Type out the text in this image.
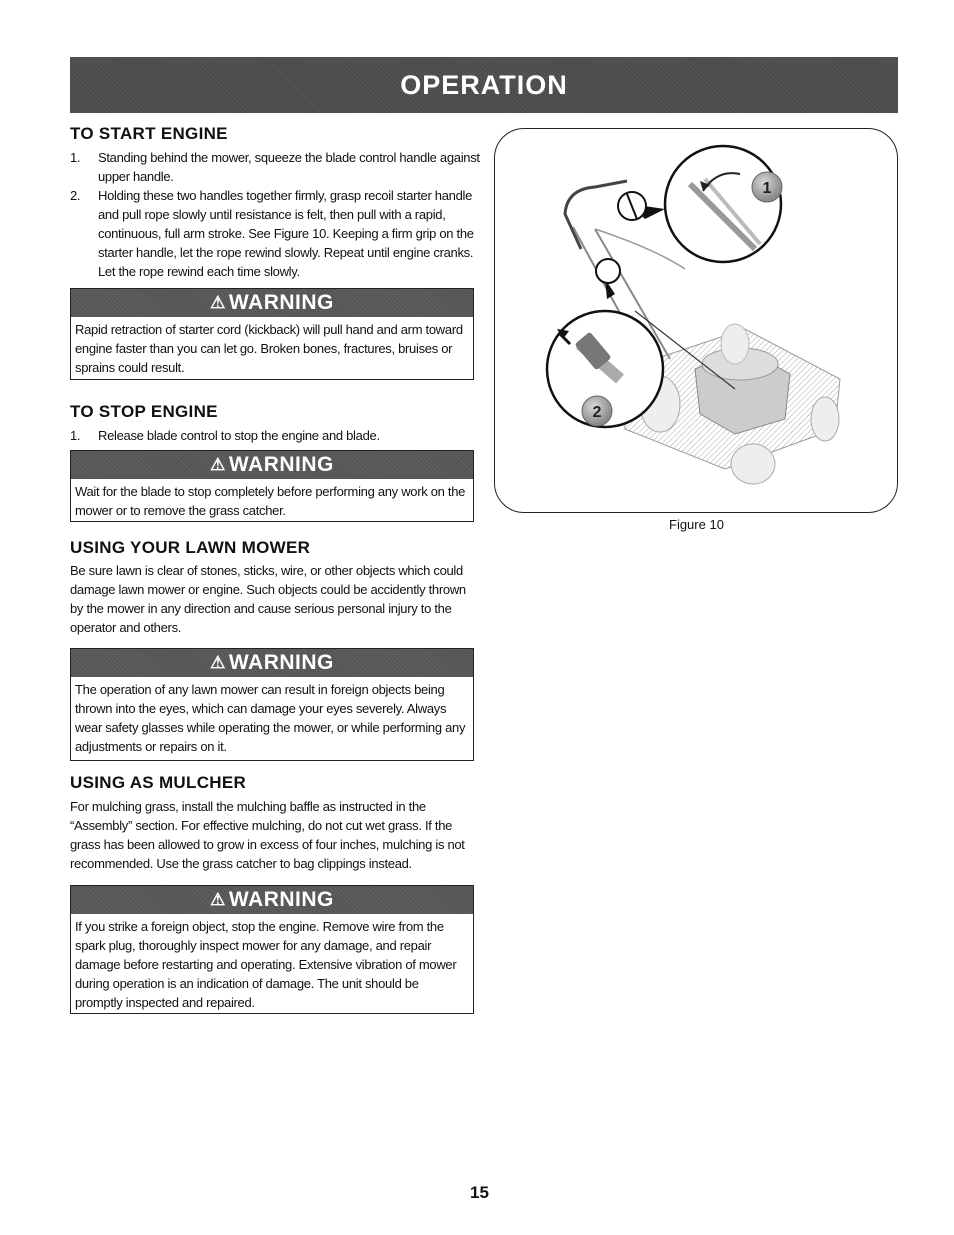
OPERATION
TO START ENGINE
1.	Standing behind the mower, squeeze the blade control handle against upper handle.
2.	Holding these two handles together firmly, grasp recoil starter handle and pull rope slowly until resistance is felt, then pull with a rapid, continuous, full arm stroke. See Figure 10. Keeping a firm grip on the starter handle, let the rope rewind slowly. Repeat until engine cranks. Let the rope rewind each time slowly.
⚠ WARNING
Rapid retraction of starter cord (kickback) will pull hand and arm toward engine faster than you can let go. Broken bones, fractures, bruises or sprains could result.
TO STOP ENGINE
1.	Release blade control to stop the engine and blade.
⚠ WARNING
Wait for the blade to stop completely before performing any work on the mower or to remove the grass catcher.
USING YOUR LAWN MOWER
Be sure lawn is clear of stones, sticks, wire, or other objects which could damage lawn mower or engine. Such objects could be accidently thrown by the mower in any direction and cause serious personal injury to the operator and others.
⚠ WARNING
The operation of any lawn mower can result in foreign objects being thrown into the eyes, which can damage your eyes severely. Always wear safety glasses while operating the mower, or while performing any adjustments or repairs on it.
USING AS MULCHER
For mulching grass, install the mulching baffle as instructed in the “Assembly” section. For effective mulching, do not cut wet grass. If the grass has been allowed to grow in excess of four inches, mulching is not recommended. Use the grass catcher to bag clippings instead.
⚠ WARNING
If you strike a foreign object, stop the engine. Remove wire from the spark plug, thoroughly inspect mower for any damage, and repair damage before restarting and operating. Extensive vibration of mower during operation is an indication of damage. The unit should be promptly inspected and repaired.
1
2
Figure 10
15
